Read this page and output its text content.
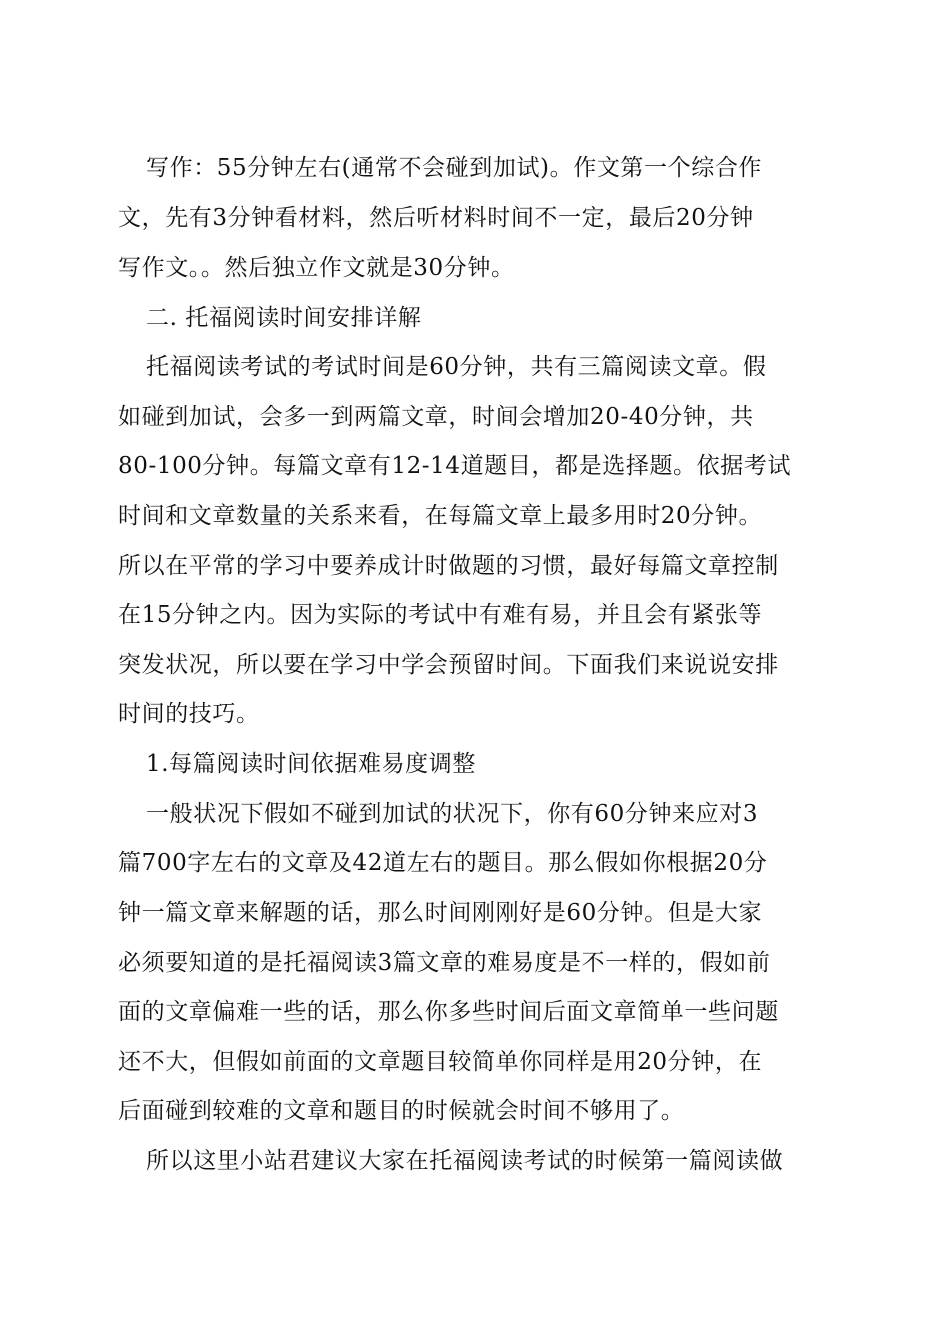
写作：55分钟左右(通常不会碰到加试)。作文第一个综合作
文，先有3分钟看材料，然后听材料时间不一定，最后20分钟
写作文。。然后独立作文就是30分钟。
二. 托福阅读时间安排详解
托福阅读考试的考试时间是60分钟，共有三篇阅读文章。假
如碰到加试，会多一到两篇文章，时间会增加20-40分钟，共
80-100分钟。每篇文章有12-14道题目，都是选择题。依据考试
时间和文章数量的关系来看，在每篇文章上最多用时20分钟。
所以在平常的学习中要养成计时做题的习惯，最好每篇文章控制
在15分钟之内。因为实际的考试中有难有易，并且会有紧张等
突发状况，所以要在学习中学会预留时间。下面我们来说说安排
时间的技巧。
1.每篇阅读时间依据难易度调整
一般状况下假如不碰到加试的状况下，你有60分钟来应对3
篇700字左右的文章及42道左右的题目。那么假如你根据20分
钟一篇文章来解题的话，那么时间刚刚好是60分钟。但是大家
必须要知道的是托福阅读3篇文章的难易度是不一样的，假如前
面的文章偏难一些的话，那么你多些时间后面文章简单一些问题
还不大，但假如前面的文章题目较简单你同样是用20分钟，在
后面碰到较难的文章和题目的时候就会时间不够用了。
所以这里小站君建议大家在托福阅读考试的时候第一篇阅读做
